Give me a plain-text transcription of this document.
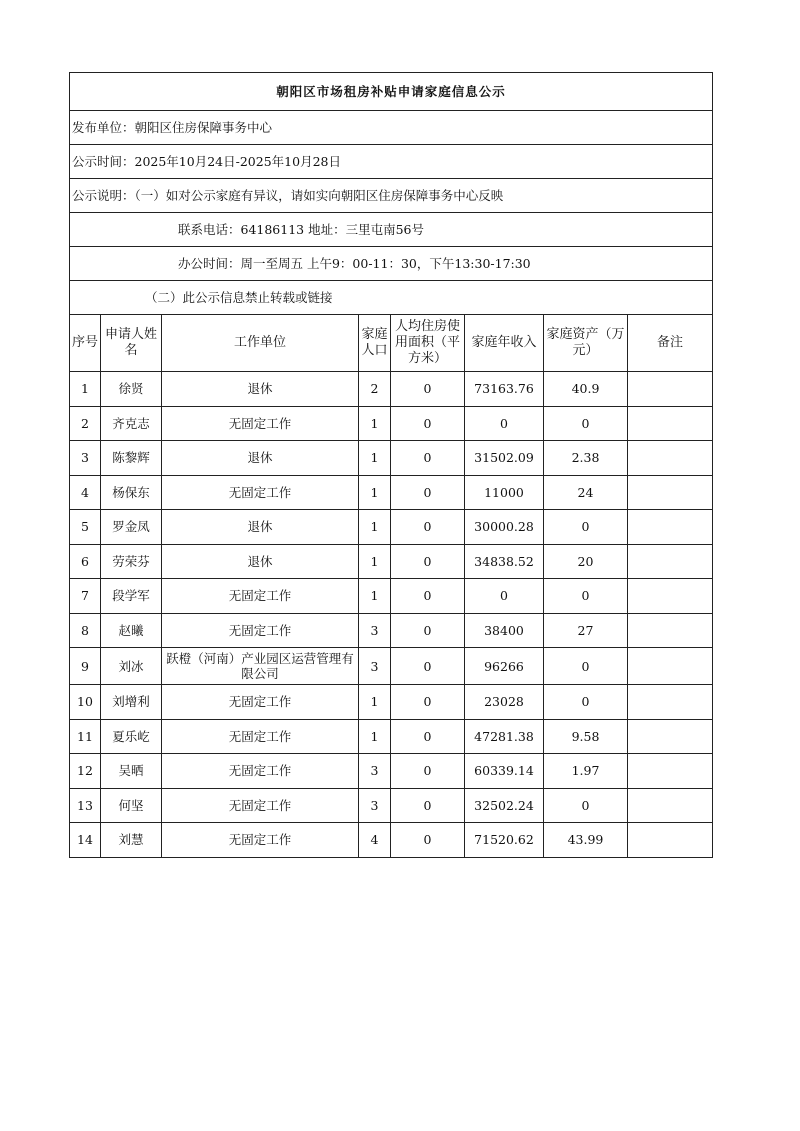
朝阳区市场租房补贴申请家庭信息公示							
发布单位：朝阳区住房保障事务中心							
公示时间：2025年10月24日-2025年10月28日							
公示说明：（一）如对公示家庭有异议，请如实向朝阳区住房保障事务中心反映							
联系电话：64186113 地址：三里屯南56号							
办公时间：周一至周五 上午9：00-11：30，下午13:30-17:30							
（二）此公示信息禁止转载或链接							
序号	申请人姓名	工作单位	家庭人口	人均住房使用面积（平方米）	家庭年收入	家庭资产（万元）	备注
1	徐贤	退休	2	0	73163.76	40.9	
2	齐克志	无固定工作	1	0	0	0	
3	陈黎辉	退休	1	0	31502.09	2.38	
4	杨保东	无固定工作	1	0	11000	24	
5	罗金凤	退休	1	0	30000.28	0	
6	劳荣芬	退休	1	0	34838.52	20	
7	段学军	无固定工作	1	0	0	0	
8	赵曦	无固定工作	3	0	38400	27	
9	刘冰	跃橙（河南）产业园区运营管理有限公司	3	0	96266	0	
10	刘增利	无固定工作	1	0	23028	0	
11	夏乐屹	无固定工作	1	0	47281.38	9.58	
12	吴晒	无固定工作	3	0	60339.14	1.97	
13	何坚	无固定工作	3	0	32502.24	0	
14	刘慧	无固定工作	4	0	71520.62	43.99	
